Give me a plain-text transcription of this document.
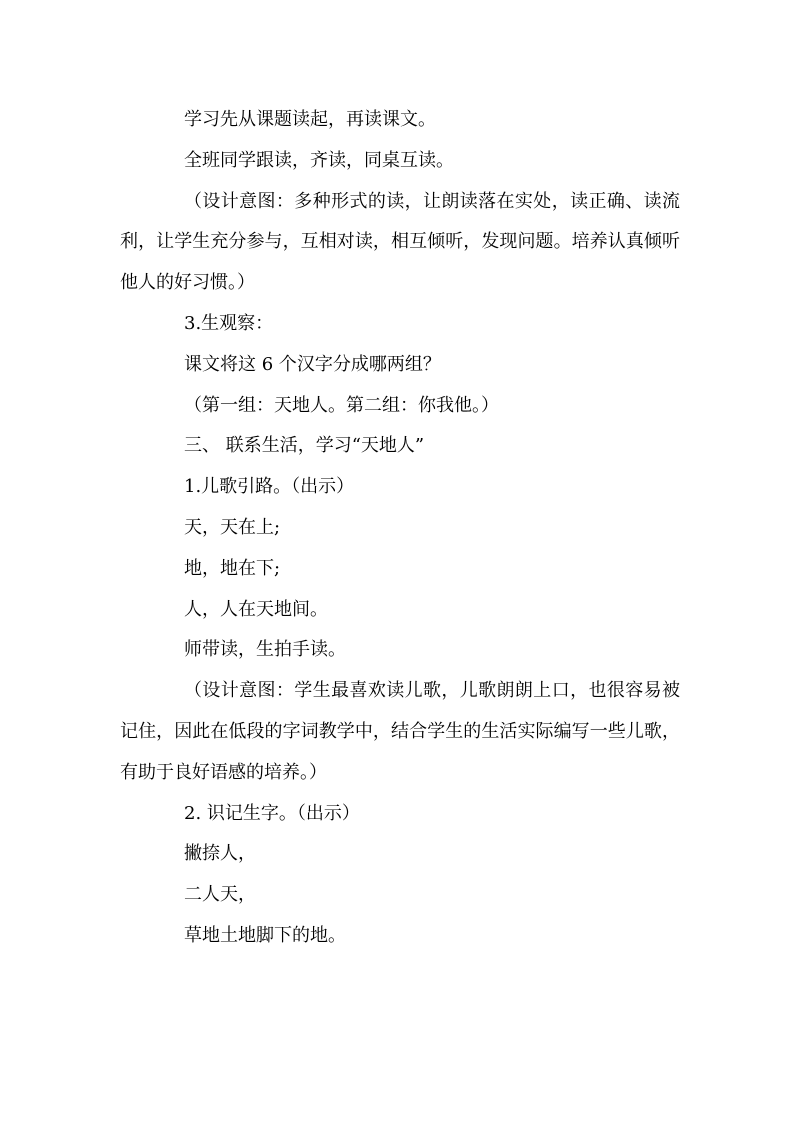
学习先从课题读起，再读课文。
全班同学跟读，齐读，同桌互读。

（设计意图：多种形式的读，让朗读落在实处，读正确、读流利，让学生充分参与，互相对读，相互倾听，发现问题。培养认真倾听他人的好习惯。）

3.生观察：
课文将这 6 个汉字分成哪两组？
（第一组：天地人。第二组：你我他。）
三、 联系生活，学习“天地人”
1.儿歌引路。（出示）
天，天在上;
地，地在下;
人，人在天地间。
师带读，生拍手读。

（设计意图：学生最喜欢读儿歌，儿歌朗朗上口，也很容易被记住，因此在低段的字词教学中，结合学生的生活实际编写一些儿歌，有助于良好语感的培养。）

2. 识记生字。（出示）
撇捺人，
二人天，
草地土地脚下的地。
